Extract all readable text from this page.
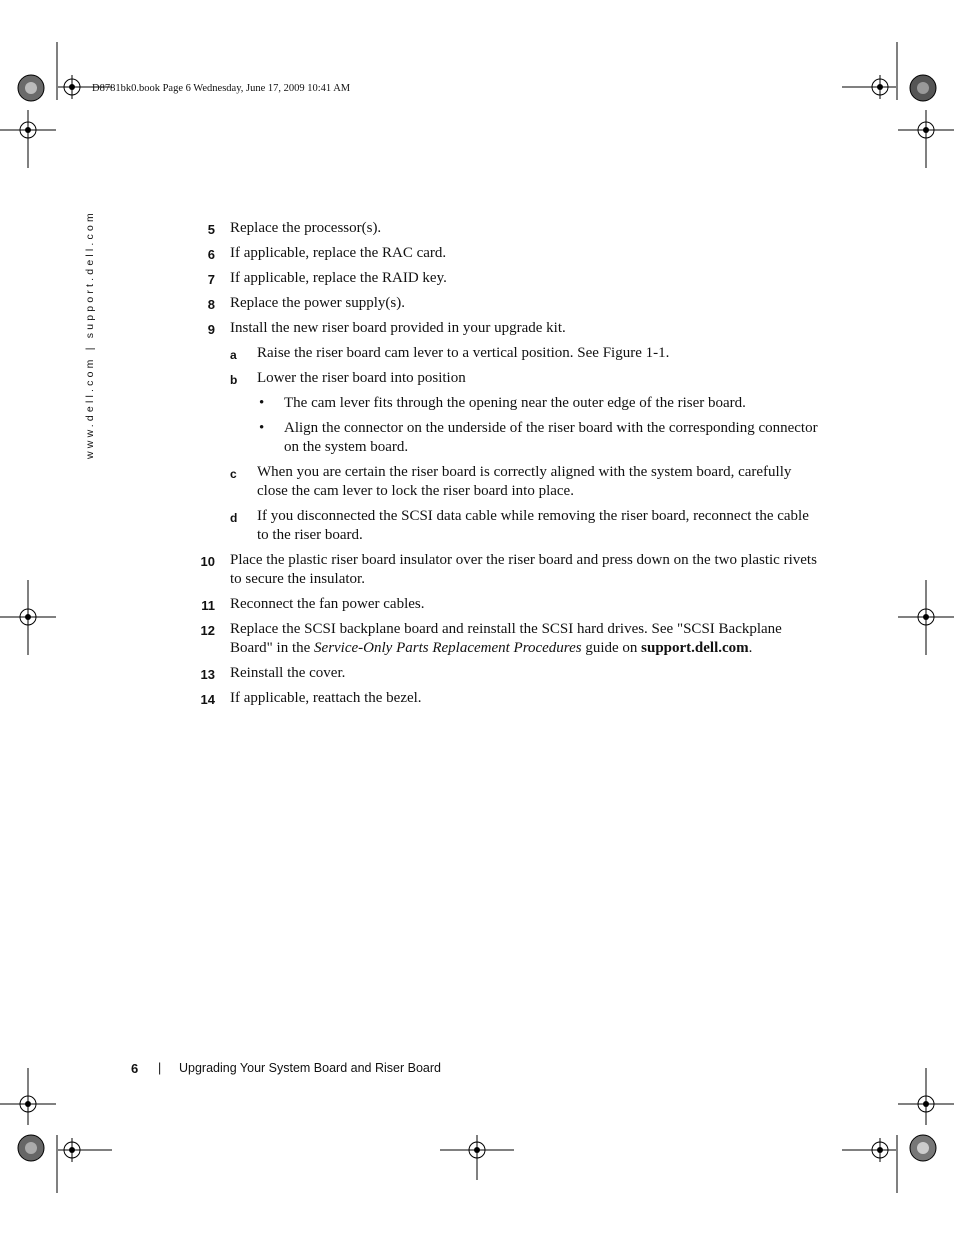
D8781bk0.book Page 6 Wednesday, June 17, 2009 10:41 AM
www.dell.com | support.dell.com	5 Replace the processor(s).
6 If applicable, replace the RAC card.
7 If applicable, replace the RAID key.
8 Replace the power supply(s).
9 Install the new riser board provided in your upgrade kit.
a Raise the riser board cam lever to a vertical position. See Figure 1-1.
b Lower the riser board into position
• The cam lever fits through the opening near the outer edge of the riser board.
• Align the connector on the underside of the riser board with the corresponding connector on the system board.
c When you are certain the riser board is correctly aligned with the system board, carefully close the cam lever to lock the riser board into place.
d If you disconnected the SCSI data cable while removing the riser board, reconnect the cable to the riser board.
10 Place the plastic riser board insulator over the riser board and press down on the two plastic rivets to secure the insulator.
11 Reconnect the fan power cables.
12 Replace the SCSI backplane board and reinstall the SCSI hard drives. See "SCSI Backplane Board" in the Service-Only Parts Replacement Procedures guide on support.dell.com.
13 Reinstall the cover.
14 If applicable, reattach the bezel.
6 | Upgrading Your System Board and Riser Board
